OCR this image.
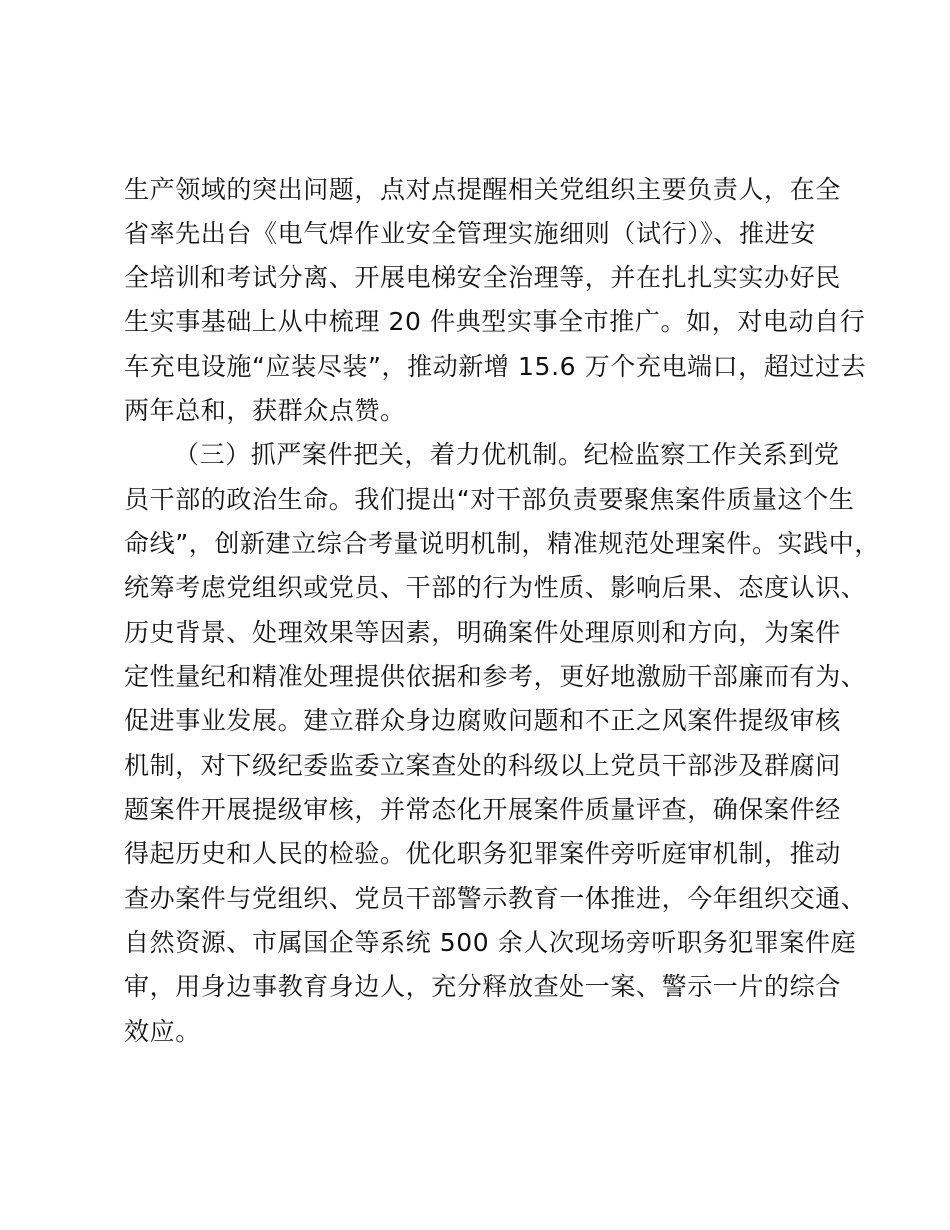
生产领域的突出问题，点对点提醒相关党组织主要负责人，在全
省率先出台《电气焊作业安全管理实施细则（试行）》、推进安
全培训和考试分离、开展电梯安全治理等，并在扎扎实实办好民
生实事基础上从中梳理 20 件典型实事全市推广。如，对电动自行
车充电设施“应装尽装”，推动新增 15.6 万个充电端口，超过过去
两年总和，获群众点赞。
（三）抓严案件把关，着力优机制。纪检监察工作关系到党
员干部的政治生命。我们提出“对干部负责要聚焦案件质量这个生
命线”，创新建立综合考量说明机制，精准规范处理案件。实践中，
统筹考虑党组织或党员、干部的行为性质、影响后果、态度认识、
历史背景、处理效果等因素，明确案件处理原则和方向，为案件
定性量纪和精准处理提供依据和参考，更好地激励干部廉而有为、
促进事业发展。建立群众身边腐败问题和不正之风案件提级审核
机制，对下级纪委监委立案查处的科级以上党员干部涉及群腐问
题案件开展提级审核，并常态化开展案件质量评查，确保案件经
得起历史和人民的检验。优化职务犯罪案件旁听庭审机制，推动
查办案件与党组织、党员干部警示教育一体推进，今年组织交通、
自然资源、市属国企等系统 500 余人次现场旁听职务犯罪案件庭
审，用身边事教育身边人，充分释放查处一案、警示一片的综合
效应。
